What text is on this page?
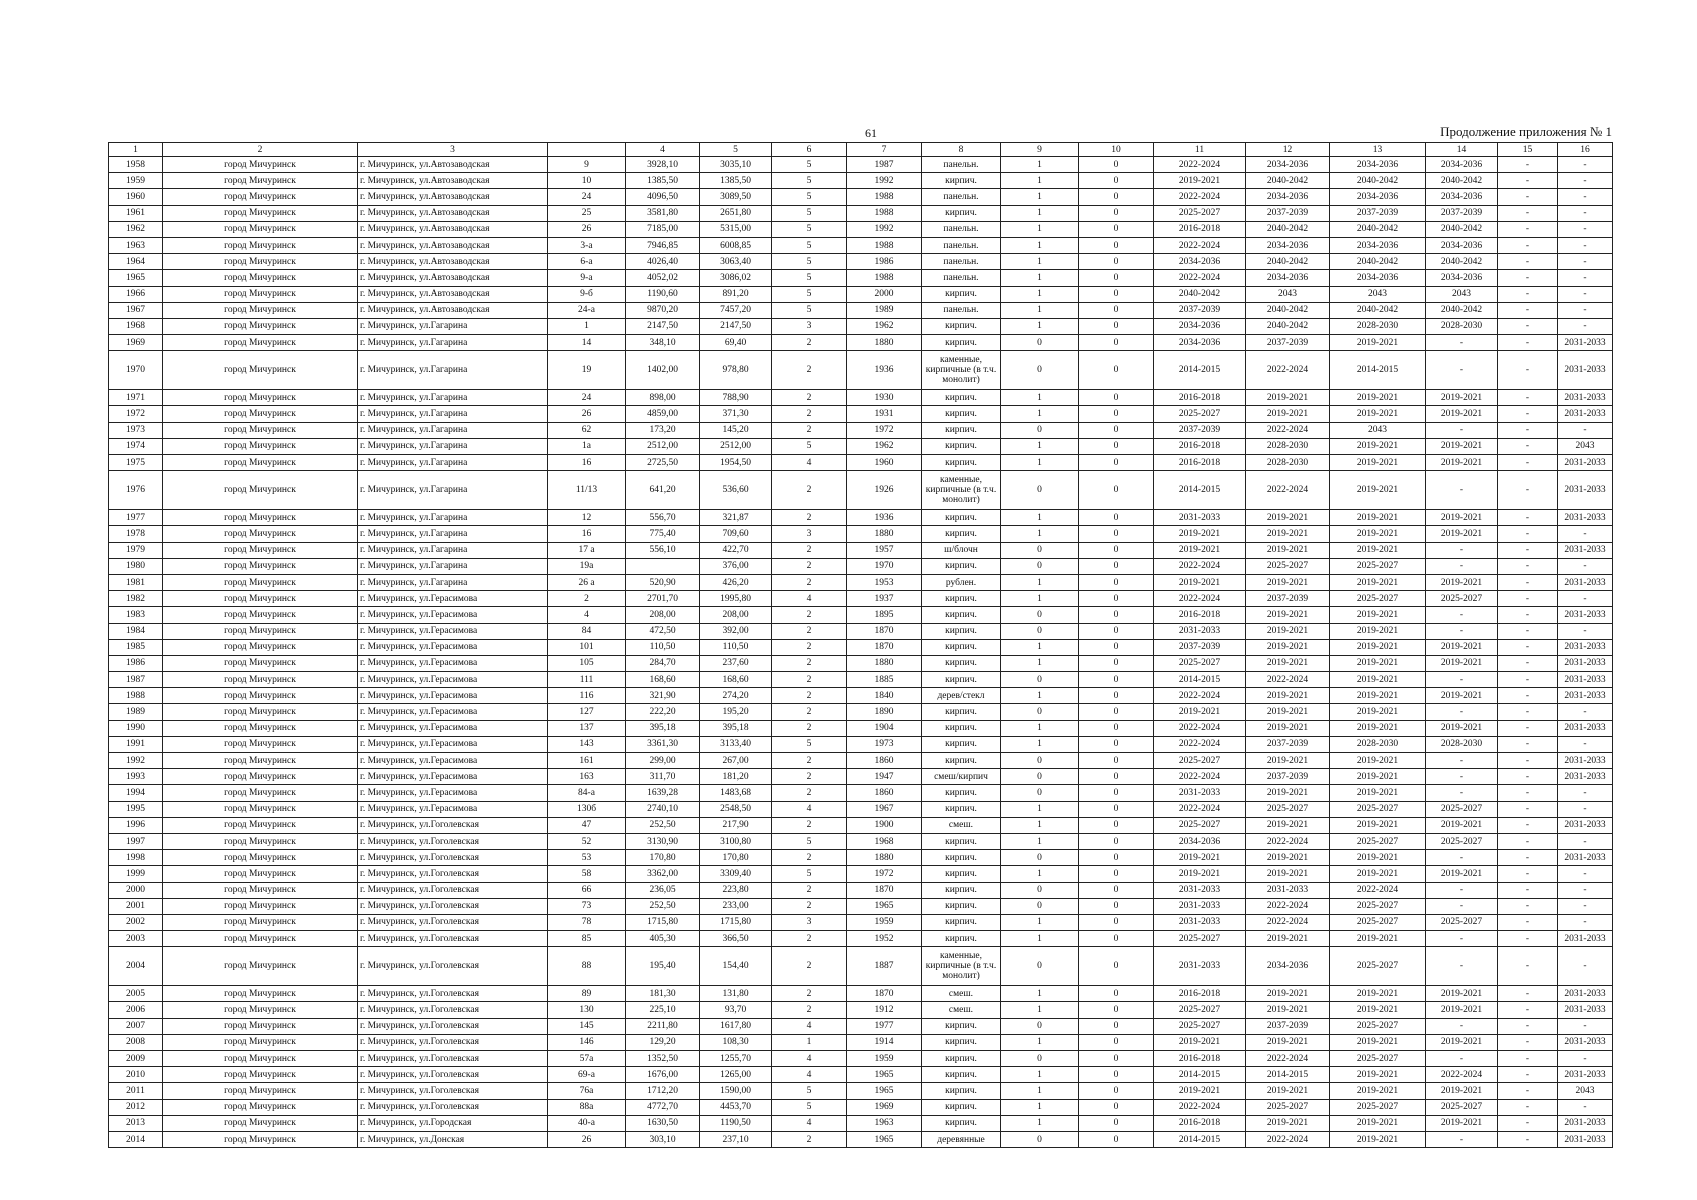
61	Продолжение приложения № 1
1	2	3		4	5	6	7	8	9	10	11	12	13	14	15	16
1958	город Мичуринск	г. Мичуринск, ул.Автозаводская	9	3928,10	3035,10	5	1987	панельн.	1	0	2022-2024	2034-2036	2034-2036	2034-2036	-	-
1959	город Мичуринск	г. Мичуринск, ул.Автозаводская	10	1385,50	1385,50	5	1992	кирпич.	1	0	2019-2021	2040-2042	2040-2042	2040-2042	-	-
1960	город Мичуринск	г. Мичуринск, ул.Автозаводская	24	4096,50	3089,50	5	1988	панельн.	1	0	2022-2024	2034-2036	2034-2036	2034-2036	-	-
1961	город Мичуринск	г. Мичуринск, ул.Автозаводская	25	3581,80	2651,80	5	1988	кирпич.	1	0	2025-2027	2037-2039	2037-2039	2037-2039	-	-
1962	город Мичуринск	г. Мичуринск, ул.Автозаводская	26	7185,00	5315,00	5	1992	панельн.	1	0	2016-2018	2040-2042	2040-2042	2040-2042	-	-
1963	город Мичуринск	г. Мичуринск, ул.Автозаводская	3-а	7946,85	6008,85	5	1988	панельн.	1	0	2022-2024	2034-2036	2034-2036	2034-2036	-	-
1964	город Мичуринск	г. Мичуринск, ул.Автозаводская	6-а	4026,40	3063,40	5	1986	панельн.	1	0	2034-2036	2040-2042	2040-2042	2040-2042	-	-
1965	город Мичуринск	г. Мичуринск, ул.Автозаводская	9-а	4052,02	3086,02	5	1988	панельн.	1	0	2022-2024	2034-2036	2034-2036	2034-2036	-	-
1966	город Мичуринск	г. Мичуринск, ул.Автозаводская	9-б	1190,60	891,20	5	2000	кирпич.	1	0	2040-2042	2043	2043	2043	-	-
1967	город Мичуринск	г. Мичуринск, ул.Автозаводская	24-а	9870,20	7457,20	5	1989	панельн.	1	0	2037-2039	2040-2042	2040-2042	2040-2042	-	-
1968	город Мичуринск	г. Мичуринск, ул.Гагарина	1	2147,50	2147,50	3	1962	кирпич.	1	0	2034-2036	2040-2042	2028-2030	2028-2030	-	-
1969	город Мичуринск	г. Мичуринск, ул.Гагарина	14	348,10	69,40	2	1880	кирпич.	0	0	2034-2036	2037-2039	2019-2021	-	-	2031-2033
1970	город Мичуринск	г. Мичуринск, ул.Гагарина	19	1402,00	978,80	2	1936	каменные, кирпичные (в т.ч. монолит)	0	0	2014-2015	2022-2024	2014-2015	-	-	2031-2033
1971	город Мичуринск	г. Мичуринск, ул.Гагарина	24	898,00	788,90	2	1930	кирпич.	1	0	2016-2018	2019-2021	2019-2021	2019-2021	-	2031-2033
1972	город Мичуринск	г. Мичуринск, ул.Гагарина	26	4859,00	371,30	2	1931	кирпич.	1	0	2025-2027	2019-2021	2019-2021	2019-2021	-	2031-2033
1973	город Мичуринск	г. Мичуринск, ул.Гагарина	62	173,20	145,20	2	1972	кирпич.	0	0	2037-2039	2022-2024	2043	-	-	-
1974	город Мичуринск	г. Мичуринск, ул.Гагарина	1а	2512,00	2512,00	5	1962	кирпич.	1	0	2016-2018	2028-2030	2019-2021	2019-2021	-	2043
1975	город Мичуринск	г. Мичуринск, ул.Гагарина	16	2725,50	1954,50	4	1960	кирпич.	1	0	2016-2018	2028-2030	2019-2021	2019-2021	-	2031-2033
1976	город Мичуринск	г. Мичуринск, ул.Гагарина	11/13	641,20	536,60	2	1926	каменные, кирпичные (в т.ч. монолит)	0	0	2014-2015	2022-2024	2019-2021	-	-	2031-2033
1977	город Мичуринск	г. Мичуринск, ул.Гагарина	12	556,70	321,87	2	1936	кирпич.	1	0	2031-2033	2019-2021	2019-2021	2019-2021	-	2031-2033
1978	город Мичуринск	г. Мичуринск, ул.Гагарина	16	775,40	709,60	3	1880	кирпич.	1	0	2019-2021	2019-2021	2019-2021	2019-2021	-	-
1979	город Мичуринск	г. Мичуринск, ул.Гагарина	17 а	556,10	422,70	2	1957	ш/блочн	0	0	2019-2021	2019-2021	2019-2021	-	-	2031-2033
1980	город Мичуринск	г. Мичуринск, ул.Гагарина	19а		376,00	2	1970	кирпич.	0	0	2022-2024	2025-2027	2025-2027	-	-	-
1981	город Мичуринск	г. Мичуринск, ул.Гагарина	26 а	520,90	426,20	2	1953	рублен.	1	0	2019-2021	2019-2021	2019-2021	2019-2021	-	2031-2033
1982	город Мичуринск	г. Мичуринск, ул.Герасимова	2	2701,70	1995,80	4	1937	кирпич.	1	0	2022-2024	2037-2039	2025-2027	2025-2027	-	-
1983	город Мичуринск	г. Мичуринск, ул.Герасимова	4	208,00	208,00	2	1895	кирпич.	0	0	2016-2018	2019-2021	2019-2021	-	-	2031-2033
1984	город Мичуринск	г. Мичуринск, ул.Герасимова	84	472,50	392,00	2	1870	кирпич.	0	0	2031-2033	2019-2021	2019-2021	-	-	-
1985	город Мичуринск	г. Мичуринск, ул.Герасимова	101	110,50	110,50	2	1870	кирпич.	1	0	2037-2039	2019-2021	2019-2021	2019-2021	-	2031-2033
1986	город Мичуринск	г. Мичуринск, ул.Герасимова	105	284,70	237,60	2	1880	кирпич.	1	0	2025-2027	2019-2021	2019-2021	2019-2021	-	2031-2033
1987	город Мичуринск	г. Мичуринск, ул.Герасимова	111	168,60	168,60	2	1885	кирпич.	0	0	2014-2015	2022-2024	2019-2021	-	-	2031-2033
1988	город Мичуринск	г. Мичуринск, ул.Герасимова	116	321,90	274,20	2	1840	дерев/стекл	1	0	2022-2024	2019-2021	2019-2021	2019-2021	-	2031-2033
1989	город Мичуринск	г. Мичуринск, ул.Герасимова	127	222,20	195,20	2	1890	кирпич.	0	0	2019-2021	2019-2021	2019-2021	-	-	-
1990	город Мичуринск	г. Мичуринск, ул.Герасимова	137	395,18	395,18	2	1904	кирпич.	1	0	2022-2024	2019-2021	2019-2021	2019-2021	-	2031-2033
1991	город Мичуринск	г. Мичуринск, ул.Герасимова	143	3361,30	3133,40	5	1973	кирпич.	1	0	2022-2024	2037-2039	2028-2030	2028-2030	-	-
1992	город Мичуринск	г. Мичуринск, ул.Герасимова	161	299,00	267,00	2	1860	кирпич.	0	0	2025-2027	2019-2021	2019-2021	-	-	2031-2033
1993	город Мичуринск	г. Мичуринск, ул.Герасимова	163	311,70	181,20	2	1947	смеш/кирпич	0	0	2022-2024	2037-2039	2019-2021	-	-	2031-2033
1994	город Мичуринск	г. Мичуринск, ул.Герасимова	84-а	1639,28	1483,68	2	1860	кирпич.	0	0	2031-2033	2019-2021	2019-2021	-	-	-
1995	город Мичуринск	г. Мичуринск, ул.Герасимова	130б	2740,10	2548,50	4	1967	кирпич.	1	0	2022-2024	2025-2027	2025-2027	2025-2027	-	-
1996	город Мичуринск	г. Мичуринск, ул.Гоголевская	47	252,50	217,90	2	1900	смеш.	1	0	2025-2027	2019-2021	2019-2021	2019-2021	-	2031-2033
1997	город Мичуринск	г. Мичуринск, ул.Гоголевская	52	3130,90	3100,80	5	1968	кирпич.	1	0	2034-2036	2022-2024	2025-2027	2025-2027	-	-
1998	город Мичуринск	г. Мичуринск, ул.Гоголевская	53	170,80	170,80	2	1880	кирпич.	0	0	2019-2021	2019-2021	2019-2021	-	-	2031-2033
1999	город Мичуринск	г. Мичуринск, ул.Гоголевская	58	3362,00	3309,40	5	1972	кирпич.	1	0	2019-2021	2019-2021	2019-2021	2019-2021	-	-
2000	город Мичуринск	г. Мичуринск, ул.Гоголевская	66	236,05	223,80	2	1870	кирпич.	0	0	2031-2033	2031-2033	2022-2024	-	-	-
2001	город Мичуринск	г. Мичуринск, ул.Гоголевская	73	252,50	233,00	2	1965	кирпич.	0	0	2031-2033	2022-2024	2025-2027	-	-	-
2002	город Мичуринск	г. Мичуринск, ул.Гоголевская	78	1715,80	1715,80	3	1959	кирпич.	1	0	2031-2033	2022-2024	2025-2027	2025-2027	-	-
2003	город Мичуринск	г. Мичуринск, ул.Гоголевская	85	405,30	366,50	2	1952	кирпич.	1	0	2025-2027	2019-2021	2019-2021	-	-	2031-2033
2004	город Мичуринск	г. Мичуринск, ул.Гоголевская	88	195,40	154,40	2	1887	каменные, кирпичные (в т.ч. монолит)	0	0	2031-2033	2034-2036	2025-2027	-	-	-
2005	город Мичуринск	г. Мичуринск, ул.Гоголевская	89	181,30	131,80	2	1870	смеш.	1	0	2016-2018	2019-2021	2019-2021	2019-2021	-	2031-2033
2006	город Мичуринск	г. Мичуринск, ул.Гоголевская	130	225,10	93,70	2	1912	смеш.	1	0	2025-2027	2019-2021	2019-2021	2019-2021	-	2031-2033
2007	город Мичуринск	г. Мичуринск, ул.Гоголевская	145	2211,80	1617,80	4	1977	кирпич.	0	0	2025-2027	2037-2039	2025-2027	-	-	-
2008	город Мичуринск	г. Мичуринск, ул.Гоголевская	146	129,20	108,30	1	1914	кирпич.	1	0	2019-2021	2019-2021	2019-2021	2019-2021	-	2031-2033
2009	город Мичуринск	г. Мичуринск, ул.Гоголевская	57а	1352,50	1255,70	4	1959	кирпич.	0	0	2016-2018	2022-2024	2025-2027	-	-	-
2010	город Мичуринск	г. Мичуринск, ул.Гоголевская	69-а	1676,00	1265,00	4	1965	кирпич.	1	0	2014-2015	2014-2015	2019-2021	2022-2024	-	2031-2033
2011	город Мичуринск	г. Мичуринск, ул.Гоголевская	76а	1712,20	1590,00	5	1965	кирпич.	1	0	2019-2021	2019-2021	2019-2021	2019-2021	-	2043
2012	город Мичуринск	г. Мичуринск, ул.Гоголевская	88а	4772,70	4453,70	5	1969	кирпич.	1	0	2022-2024	2025-2027	2025-2027	2025-2027	-	-
2013	город Мичуринск	г. Мичуринск, ул.Городская	40-а	1630,50	1190,50	4	1963	кирпич.	1	0	2016-2018	2019-2021	2019-2021	2019-2021	-	2031-2033
2014	город Мичуринск	г. Мичуринск, ул.Донская	26	303,10	237,10	2	1965	деревянные	0	0	2014-2015	2022-2024	2019-2021	-	-	2031-2033
